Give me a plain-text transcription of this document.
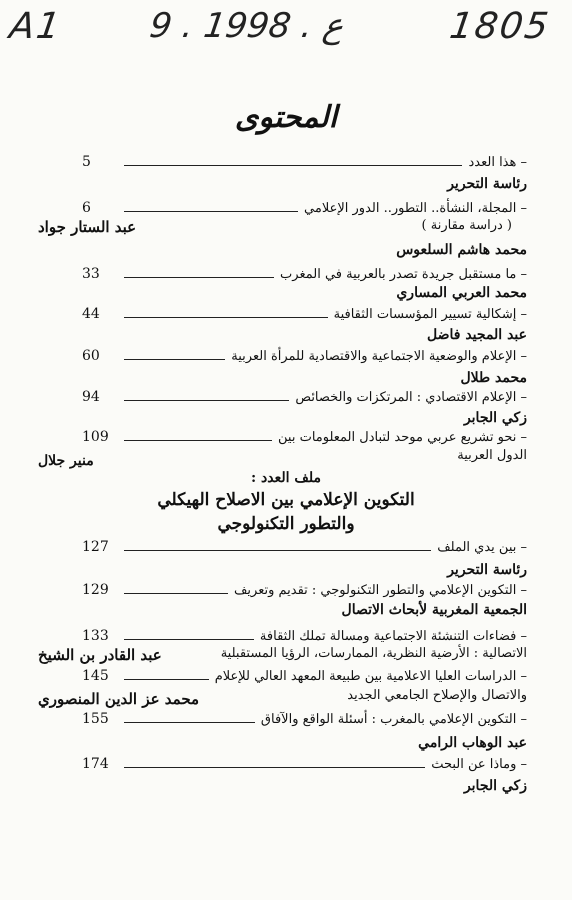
A1 9 . ع . 1998	1805
المحتوى
– هذا العدد
5
رئاسة التحرير
– المجلة، النشأة.. التطور.. الدور الإعلامي
6
( دراسة مقارنة )
عبد الستار جواد
محمد هاشم السلعوس
– ما مستقبل جريدة تصدر بالعربية في المغرب
33
محمد العربي المساري
– إشكالية تسيير المؤسسات الثقافية
44
عبد المجيد فاضل
– الإعلام والوضعية الاجتماعية والاقتصادية للمرأة العربية
60
محمد طلال
– الإعلام الاقتصادي : المرتكزات والخصائص
94
زكي الجابر
– نحو تشريع عربي موحد لتبادل المعلومات بين
109
الدول العربية
منير جلال
ملف العدد :
التكوين الإعلامي بين الاصلاح الهيكلي
والتطور التكنولوجي
– بين يدي الملف
127
رئاسة التحرير
– التكوين الإعلامي والتطور التكنولوجي : تقديم وتعريف
129
الجمعية المغربية لأبحاث الاتصال
– فضاءات التنشئة الاجتماعية ومسالة تملك الثقافة
133
الاتصالية : الأرضية النظرية، الممارسات، الرؤيا المستقبلية
عبد القادر بن الشيخ
– الدراسات العليا الاعلامية بين طبيعة المعهد العالي للإعلام
145
والاتصال والإصلاح الجامعي الجديد
محمد عز الدين المنصوري
– التكوين الإعلامي بالمغرب : أسئلة الواقع والآفاق
155
عبد الوهاب الرامي
– وماذا عن البحث
174
زكي الجابر
